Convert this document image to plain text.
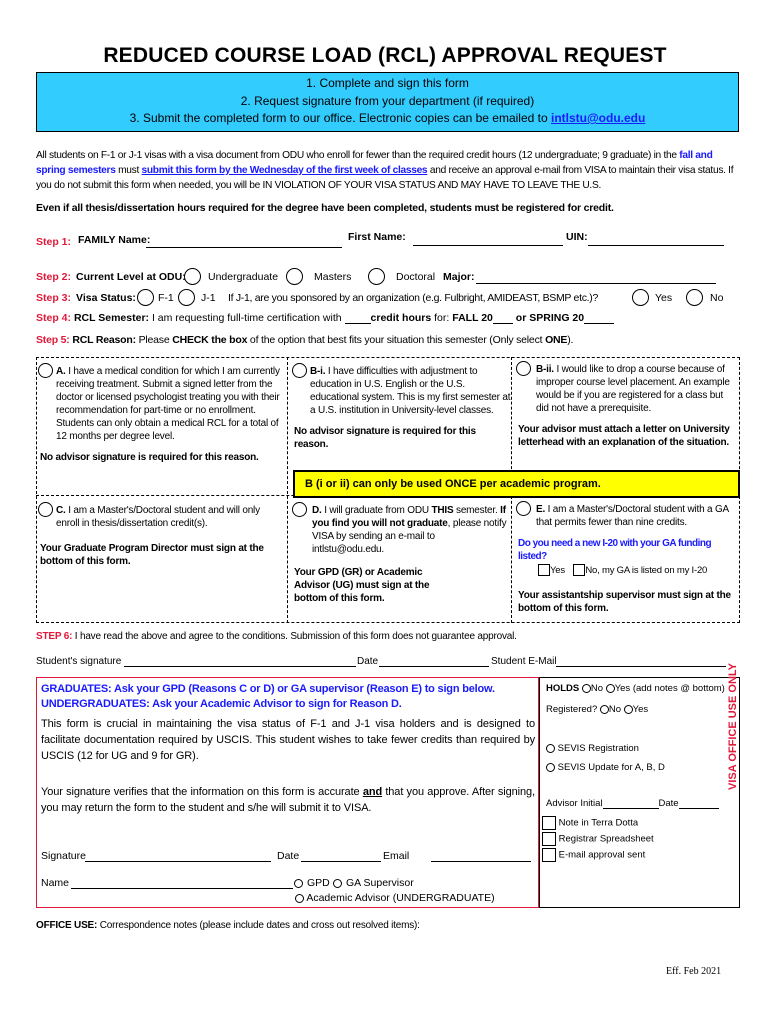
REDUCED COURSE LOAD (RCL) APPROVAL REQUEST
1. Complete and sign this form
2. Request signature from your department (if required)
3. Submit the completed form to our office. Electronic copies can be emailed to intlstu@odu.edu
All students on F-1 or J-1 visas with a visa document from ODU who enroll for fewer than the required credit hours (12 undergraduate; 9 graduate) in the fall and spring semesters must submit this form by the Wednesday of the first week of classes and receive an approval e-mail from VISA to maintain their visa status. If you do not submit this form when needed, you will be IN VIOLATION OF YOUR VISA STATUS AND MAY HAVE TO LEAVE THE U.S.
Even if all thesis/dissertation hours required for the degree have been completed, students must be registered for credit.
Step 1: FAMILY Name:	First Name:	UIN:
Step 2: Current Level at ODU: Undergraduate	Masters	Doctoral Major:
Step 3: Visa Status: F-1	J-1 If J-1, are you sponsored by an organization (e.g. Fulbright, AMIDEAST, BSMP etc.)?	Yes	No
Step 4: RCL Semester: I am requesting full-time certification with credit hours for: FALL 20 or SPRING 20
Step 5: RCL Reason: Please CHECK the box of the option that best fits your situation this semester (Only select ONE).
A. I have a medical condition for which I am currently receiving treatment. Submit a signed letter from the doctor or licensed psychologist treating you with their recommendation for part-time or no enrollment. Students can only obtain a medical RCL for a total of 12 months per degree level.
No advisor signature is required for this reason.
B-i. I have difficulties with adjustment to education in U.S. English or the U.S. educational system. This is my first semester at a U.S. institution in University-level classes.
No advisor signature is required for this reason.
B-ii. I would like to drop a course because of improper course level placement. An example would be if you are registered for a class but did not have a prerequisite.
Your advisor must attach a letter on University letterhead with an explanation of the situation.
B (i or ii) can only be used ONCE per academic program.
C. I am a Master's/Doctoral student and will only enroll in thesis/dissertation credit(s).
Your Graduate Program Director must sign at the bottom of this form.
D. I will graduate from ODU THIS semester. If you find you will not graduate, please notify VISA by sending an e-mail to intlstu@odu.edu.
Your GPD (GR) or Academic Advisor (UG) must sign at the bottom of this form.
E. I am a Master's/Doctoral student with a GA that permits fewer than nine credits.
Do you need a new I-20 with your GA funding listed?
Yes No, my GA is listed on my I-20
Your assistantship supervisor must sign at the bottom of this form.
STEP 6: I have read the above and agree to the conditions. Submission of this form does not guarantee approval.
Student's signature	Date	Student E-Mail
GRADUATES: Ask your GPD (Reasons C or D) or GA supervisor (Reason E) to sign below.
UNDERGRADUATES: Ask your Academic Advisor to sign for Reason D.
This form is crucial in maintaining the visa status of F-1 and J-1 visa holders and is designed to facilitate documentation required by USCIS. This student wishes to take fewer credits than required by USCIS (12 for UG and 9 for GR).
Your signature verifies that the information on this form is accurate and that you approve. After signing, you may return the form to the student and s/he will submit it to VISA.
Signature	Date	Email
Name	GPD GA Supervisor
Academic Advisor (UNDERGRADUATE)
HOLDS No Yes (add notes @ bottom)
Registered? No Yes
SEVIS Registration
SEVIS Update for A, B, D
Advisor Initial	Date
Note in Terra Dotta
Registrar Spreadsheet
E-mail approval sent
VISA OFFICE USE ONLY
OFFICE USE: Correspondence notes (please include dates and cross out resolved items):
Eff. Feb 2021
